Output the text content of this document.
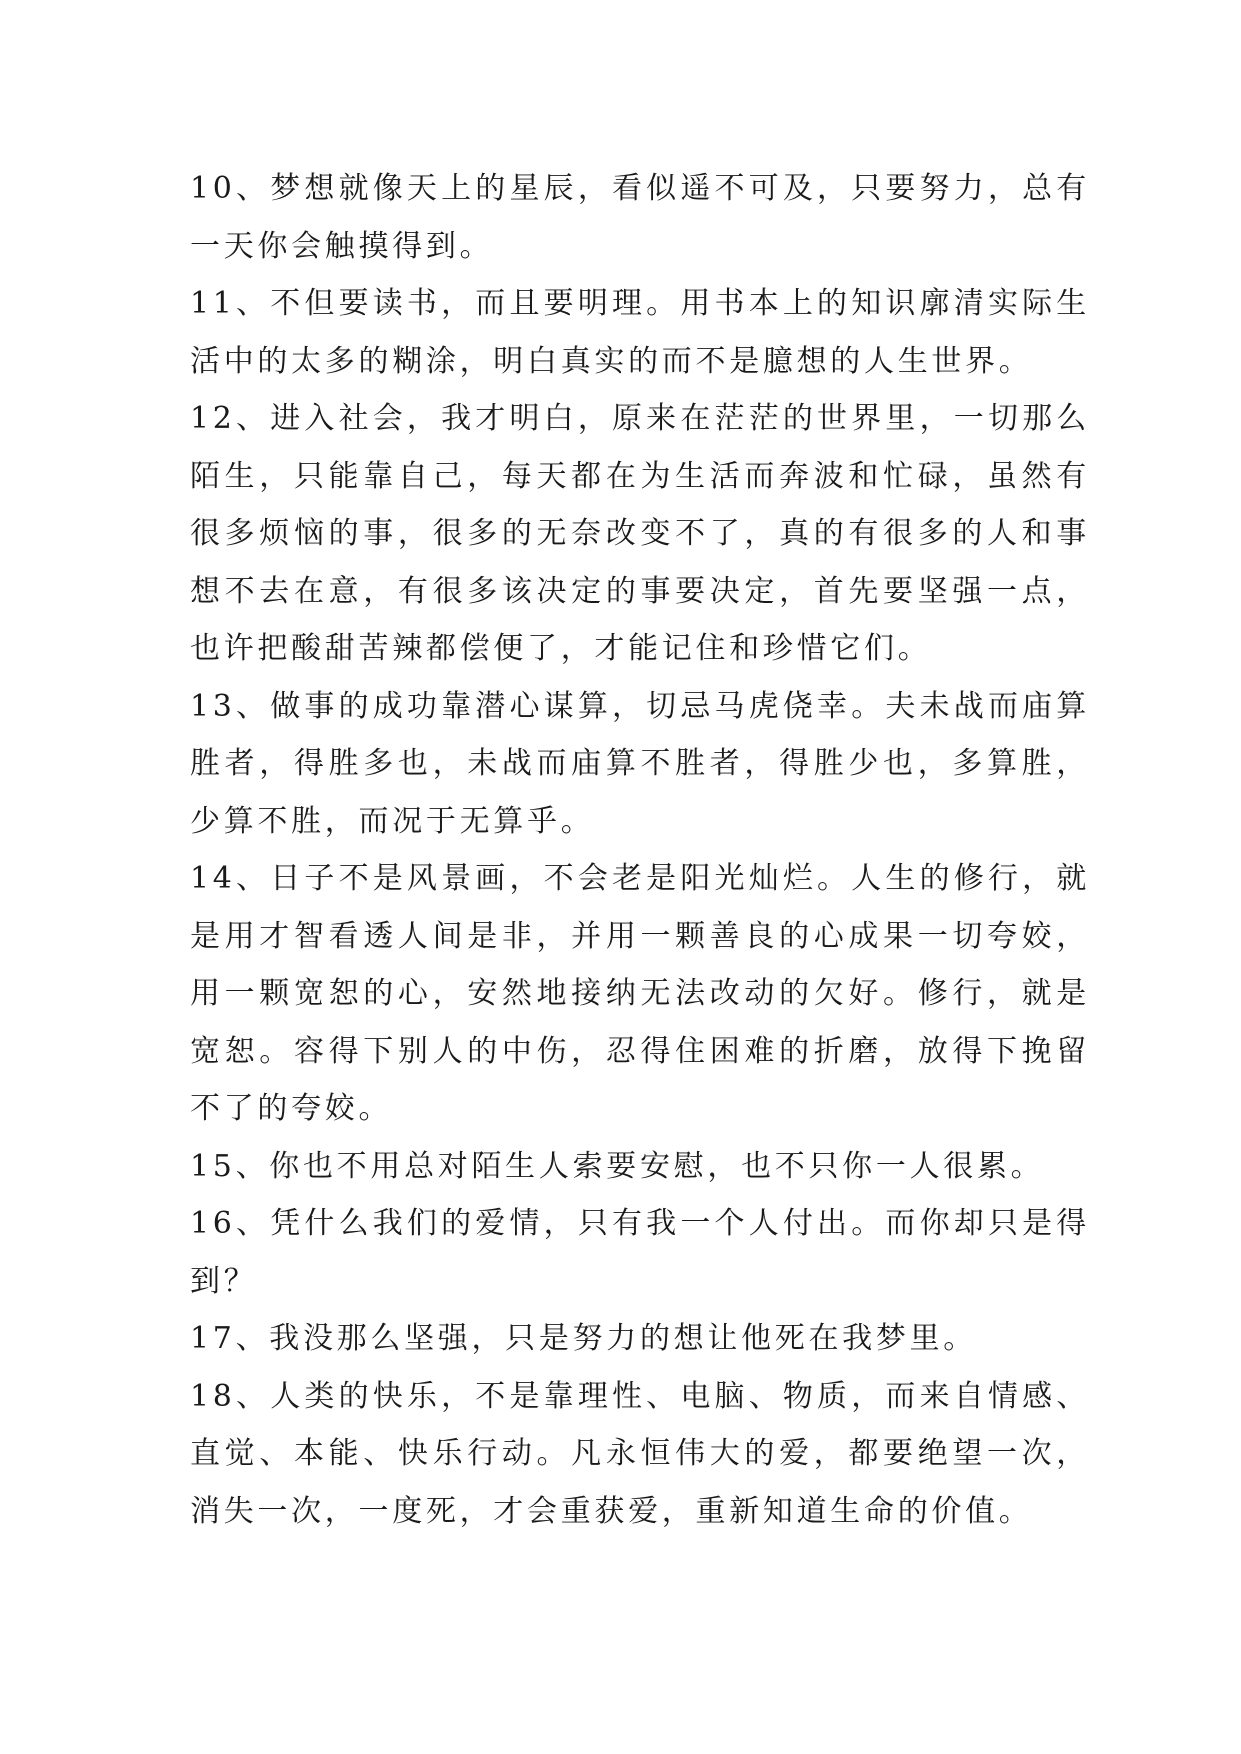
10、梦想就像天上的星辰，看似遥不可及，只要努力，总有一天你会触摸得到。

11、不但要读书，而且要明理。用书本上的知识廓清实际生活中的太多的糊涂，明白真实的而不是臆想的人生世界。

12、进入社会，我才明白，原来在茫茫的世界里，一切那么陌生，只能靠自己，每天都在为生活而奔波和忙碌，虽然有很多烦恼的事，很多的无奈改变不了，真的有很多的人和事想不去在意，有很多该决定的事要决定，首先要坚强一点，也许把酸甜苦辣都偿便了，才能记住和珍惜它们。

13、做事的成功靠潜心谋算，切忌马虎侥幸。夫未战而庙算胜者，得胜多也，未战而庙算不胜者，得胜少也，多算胜，少算不胜，而况于无算乎。

14、日子不是风景画，不会老是阳光灿烂。人生的修行，就是用才智看透人间是非，并用一颗善良的心成果一切夸姣，用一颗宽恕的心，安然地接纳无法改动的欠好。修行，就是宽恕。容得下别人的中伤，忍得住困难的折磨，放得下挽留不了的夸姣。

15、你也不用总对陌生人索要安慰，也不只你一人很累。

16、凭什么我们的爱情，只有我一个人付出。而你却只是得到？

17、我没那么坚强，只是努力的想让他死在我梦里。

18、人类的快乐，不是靠理性、电脑、物质，而来自情感、直觉、本能、快乐行动。凡永恒伟大的爱，都要绝望一次，消失一次，一度死，才会重获爱，重新知道生命的价值。
